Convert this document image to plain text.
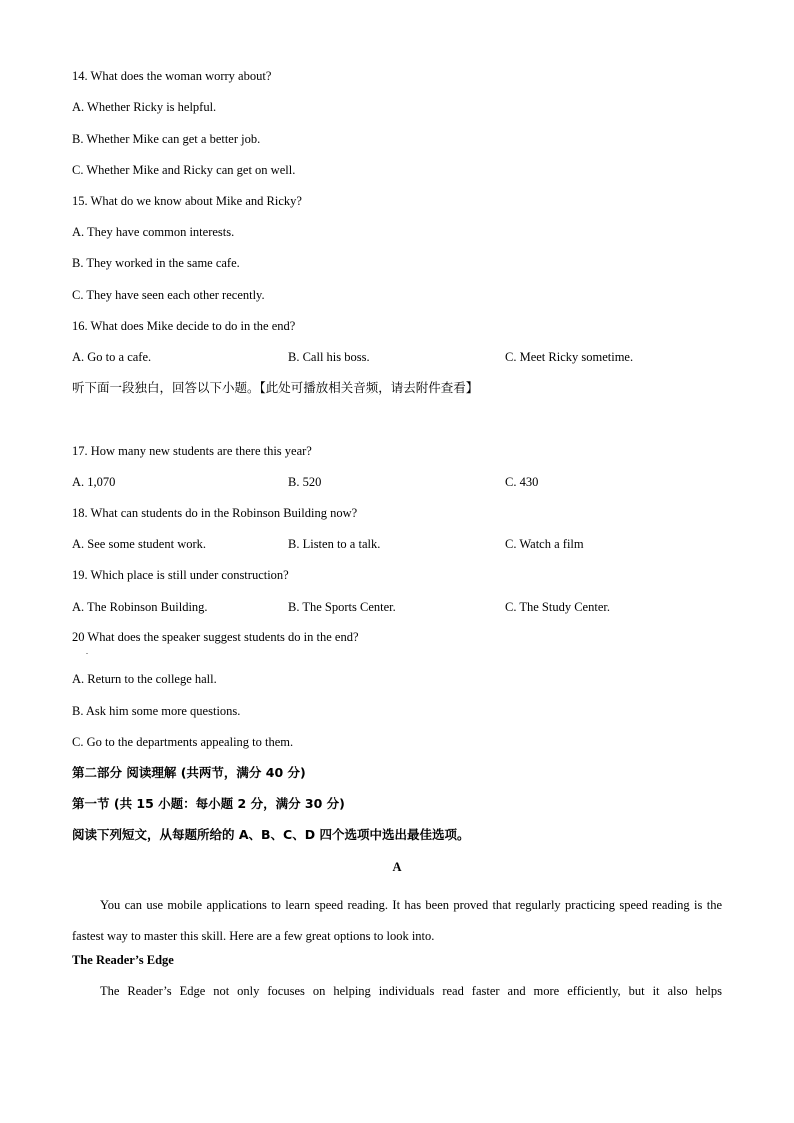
14. What does the woman worry about?
A. Whether Ricky is helpful.
B. Whether Mike can get a better job.
C. Whether Mike and Ricky can get on well.
15. What do we know about Mike and Ricky?
A. They have common interests.
B. They worked in the same cafe.
C. They have seen each other recently.
16. What does Mike decide to do in the end?
A. Go to a cafe.	B. Call his boss.	C. Meet Ricky sometime.
听下面一段独白，回答以下小题。【此处可播放相关音频，请去附件查看】
17. How many new students are there this year?
A. 1,070	B. 520	C. 430
18. What can students do in the Robinson Building now?
A. See some student work.	B. Listen to a talk.	C. Watch a film
19. Which place is still under construction?
A. The Robinson Building.	B. The Sports Center.	C. The Study Center.
20 What does the speaker suggest students do in the end?
.
A. Return to the college hall.
B. Ask him some more questions.
C. Go to the departments appealing to them.
第二部分 阅读理解 (共两节，满分 40 分)
第一节 (共 15 小题：每小题 2 分，满分 30 分)
阅读下列短文，从每题所给的 A、B、C、D 四个选项中选出最佳选项。
A
You can use mobile applications to learn speed reading. It has been proved that regularly practicing speed reading is the fastest way to master this skill. Here are a few great options to look into.
The Reader’s Edge
The Reader’s Edge not only focuses on helping individuals read faster and more efficiently, but it also helps
